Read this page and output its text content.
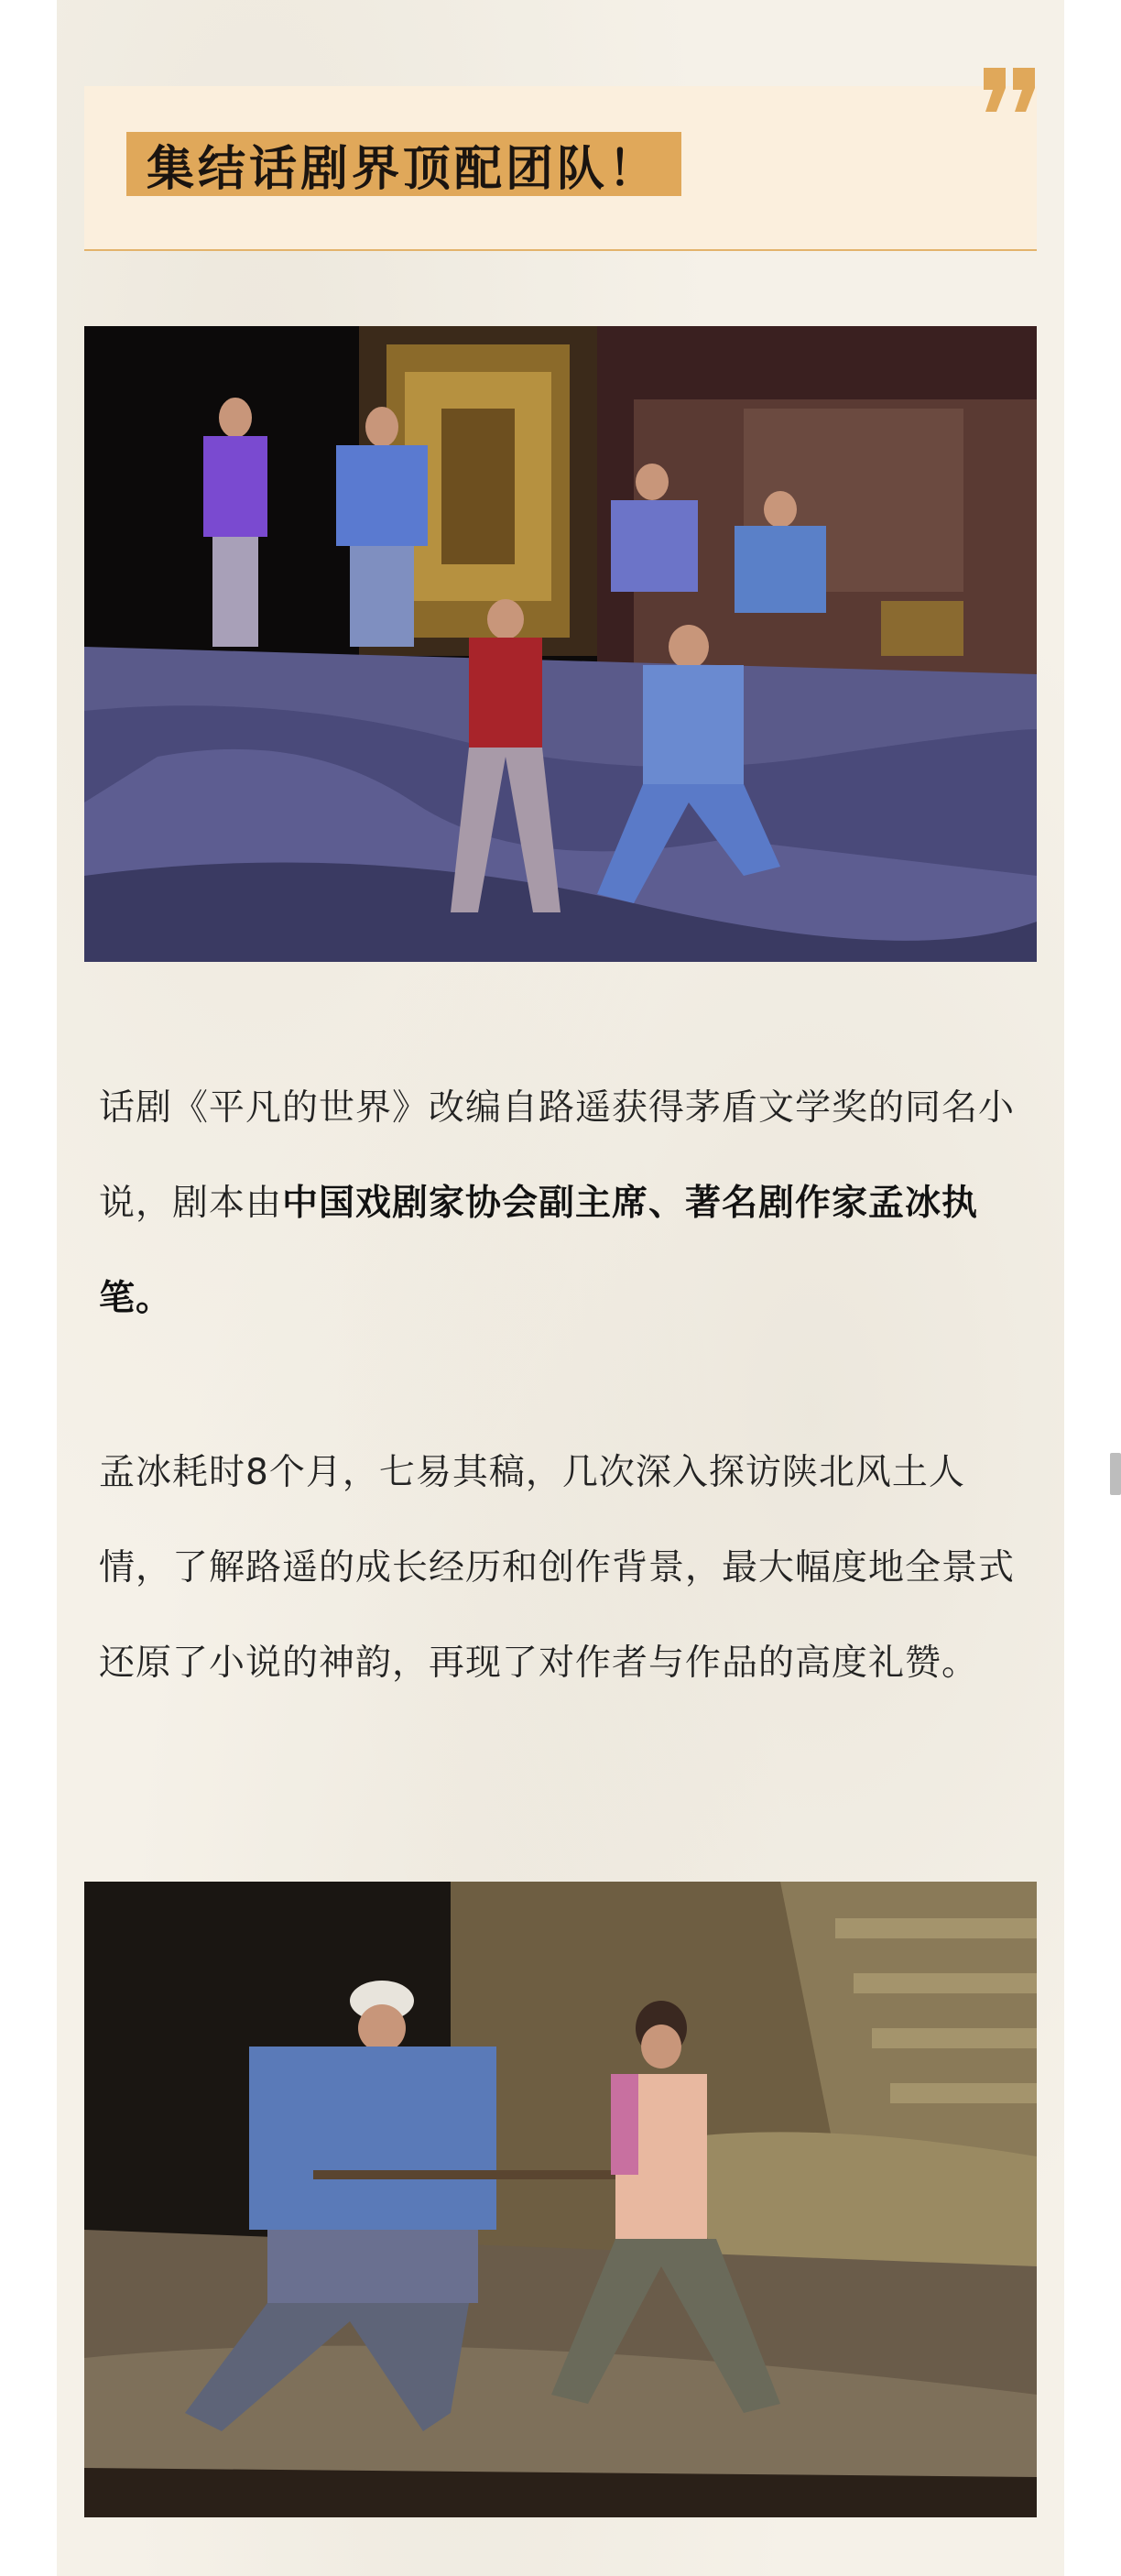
集结话剧界顶配团队！

话剧《平凡的世界》改编自路遥获得茅盾文学奖的同名小说，剧本由中国戏剧家协会副主席、著名剧作家孟冰执笔。

孟冰耗时8个月，七易其稿，几次深入探访陕北风土人情，了解路遥的成长经历和创作背景，最大幅度地全景式还原了小说的神韵，再现了对作者与作品的高度礼赞。
